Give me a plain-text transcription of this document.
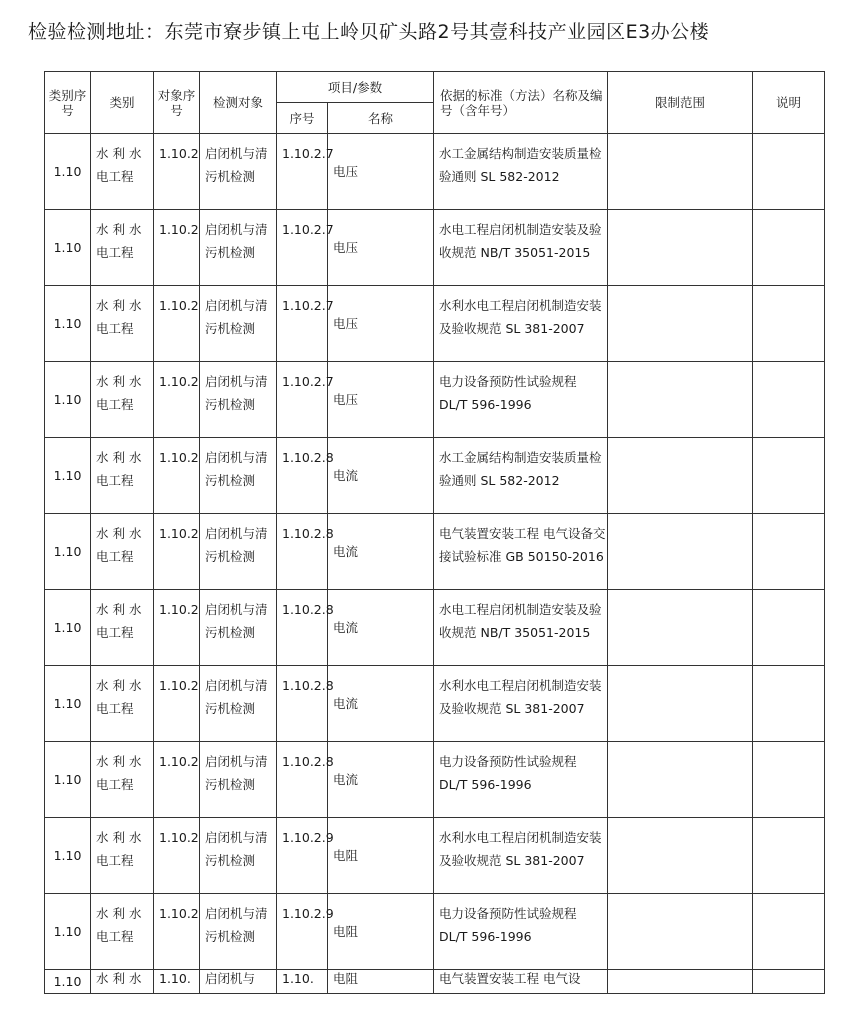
检验检测地址：东莞市寮步镇上屯上岭贝矿头路2号其壹科技产业园区E3办公楼
类别序号	类别	对象序号	检测对象	项目/参数		依据的标准（方法）名称及编号（含年号）	限制范围	说明
				序号	名称			
1.10	水 利 水电工程	1.10.2	启闭机与清污机检测	1.10.2.7	电压	水工金属结构制造安装质量检验通则 SL 582-2012		
1.10	水 利 水电工程	1.10.2	启闭机与清污机检测	1.10.2.7	电压	水电工程启闭机制造安装及验收规范 NB/T 35051-2015		
1.10	水 利 水电工程	1.10.2	启闭机与清污机检测	1.10.2.7	电压	水利水电工程启闭机制造安装及验收规范 SL 381-2007		
1.10	水 利 水电工程	1.10.2	启闭机与清污机检测	1.10.2.7	电压	电力设备预防性试验规程 DL/T 596-1996		
1.10	水 利 水电工程	1.10.2	启闭机与清污机检测	1.10.2.8	电流	水工金属结构制造安装质量检验通则 SL 582-2012		
1.10	水 利 水电工程	1.10.2	启闭机与清污机检测	1.10.2.8	电流	电气装置安装工程 电气设备交接试验标准 GB 50150-2016		
1.10	水 利 水电工程	1.10.2	启闭机与清污机检测	1.10.2.8	电流	水电工程启闭机制造安装及验收规范 NB/T 35051-2015		
1.10	水 利 水电工程	1.10.2	启闭机与清污机检测	1.10.2.8	电流	水利水电工程启闭机制造安装及验收规范 SL 381-2007		
1.10	水 利 水电工程	1.10.2	启闭机与清污机检测	1.10.2.8	电流	电力设备预防性试验规程 DL/T 596-1996		
1.10	水 利 水电工程	1.10.2	启闭机与清污机检测	1.10.2.9	电阻	水利水电工程启闭机制造安装及验收规范 SL 381-2007		
1.10	水 利 水电工程	1.10.2	启闭机与清污机检测	1.10.2.9	电阻	电力设备预防性试验规程 DL/T 596-1996		
1.10	水 利 水	1.10.	启闭机与	1.10.	电阻	电气装置安装工程 电气设		
